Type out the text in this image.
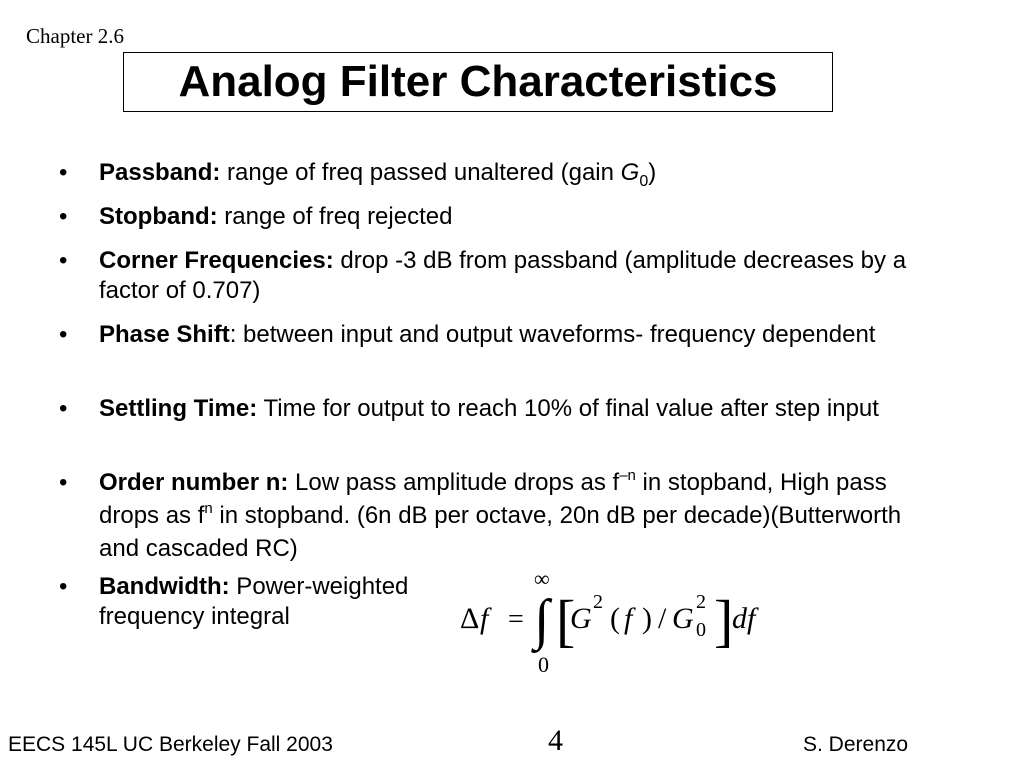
Chapter 2.6
Analog Filter Characteristics
• Passband: range of freq passed unaltered (gain $G_0$)
• Stopband: range of freq rejected
• Corner Frequencies: drop -3 dB from passband (amplitude decreases by a factor of 0.707)
• Phase Shift: between input and output waveforms- frequency dependent
• Settling Time: Time for output to reach 10% of final value after step input
• Order number n: Low pass amplitude drops as $f^{-n}$ in stopband, High pass drops as $f^n$ in stopband. (6n dB per octave, 20n dB per decade)(Butterworth and cascaded RC)
• Bandwidth: Power-weighted
frequency integral	Δ f =
∞
∫
0
[
G 2 ( f ) / G 2
0 ]
df
EECS 145L UC Berkeley Fall 2003	4	S. Derenzo
